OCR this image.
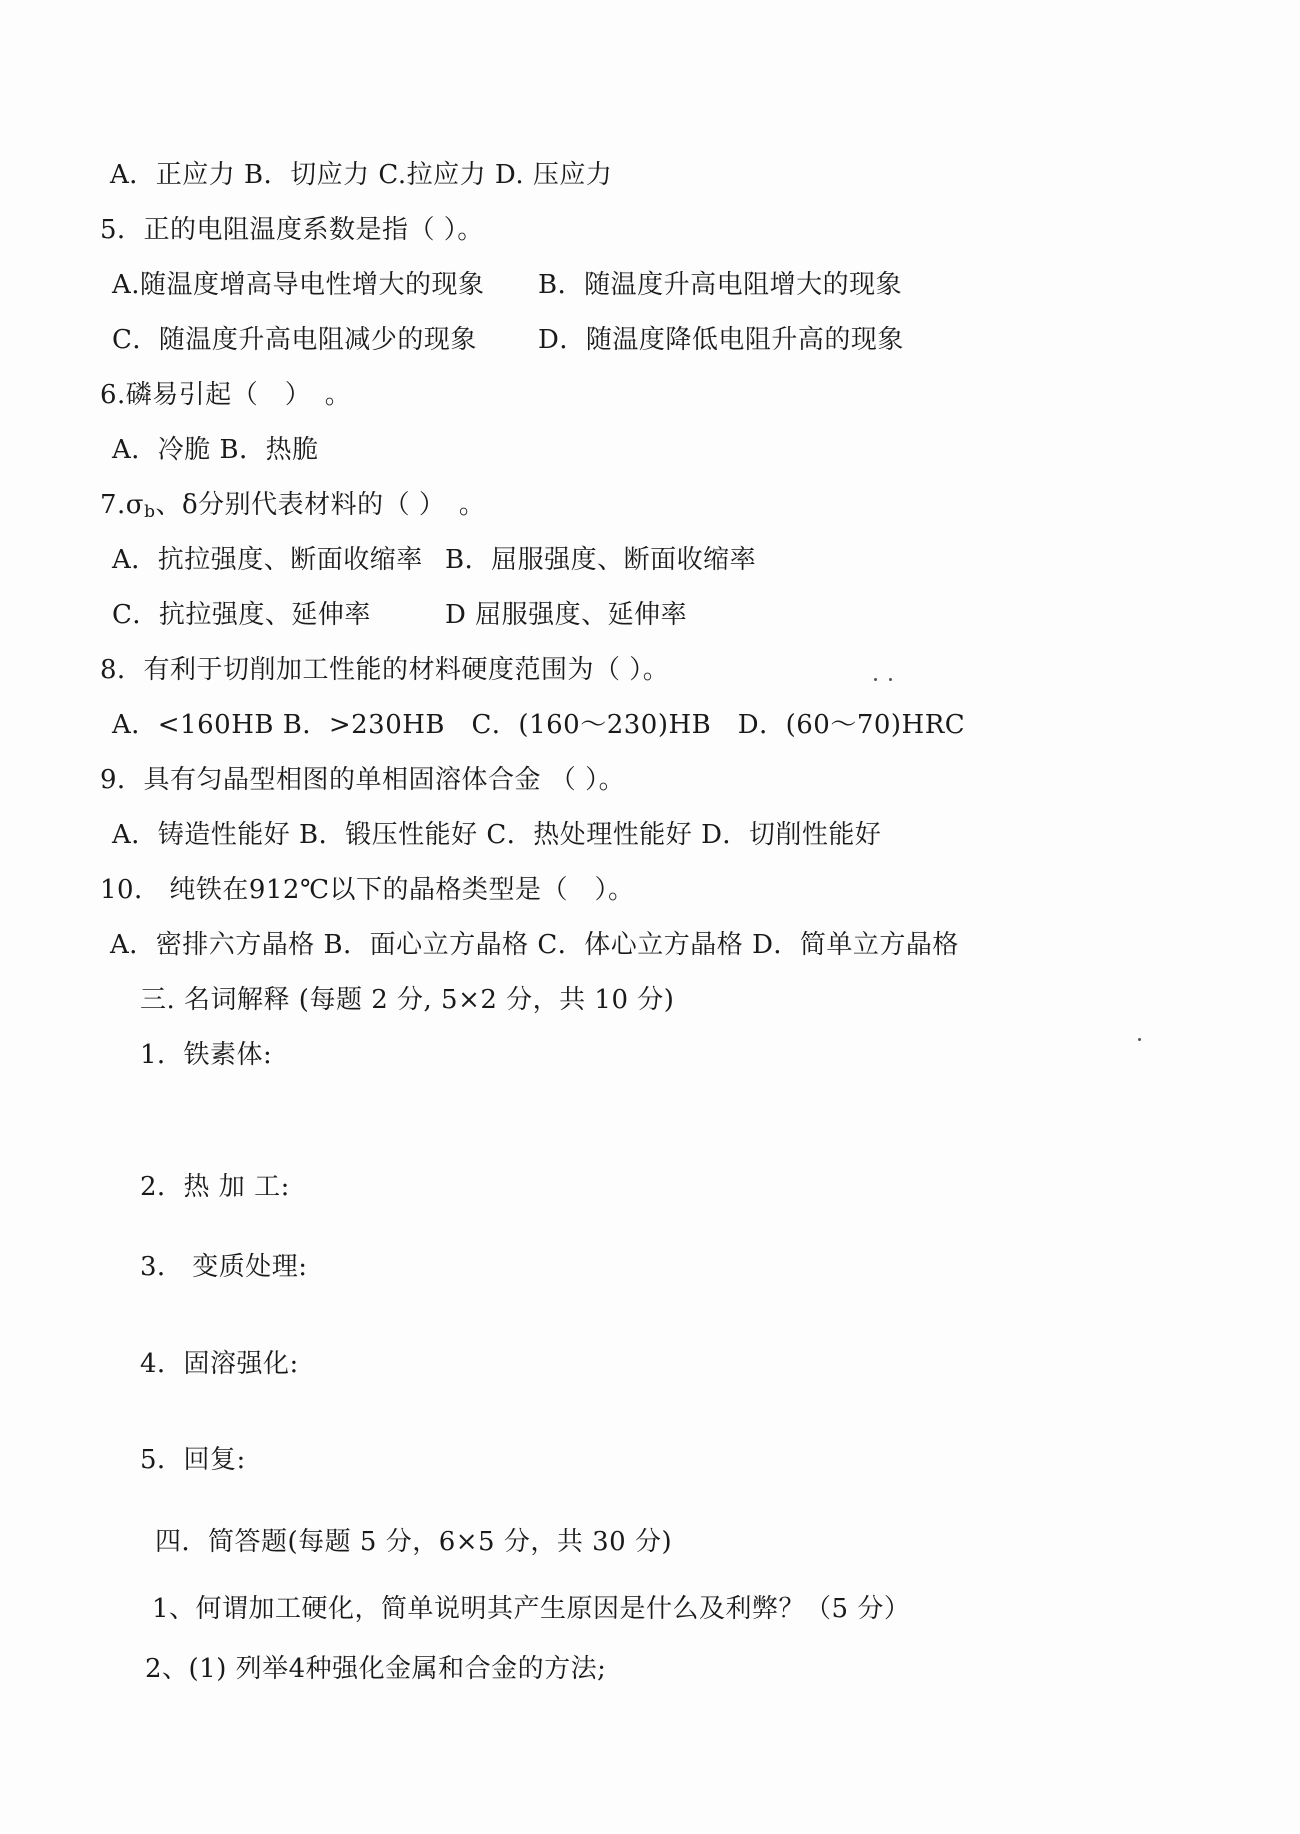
A．正应力 B．切应力 C.拉应力 D. 压应力
5．正的电阻温度系数是指（ ）。
A.随温度增高导电性增大的现象 B．随温度升高电阻增大的现象
C．随温度升高电阻减少的现象 D．随温度降低电阻升高的现象
6.磷易引起（　）　。
A．冷脆 B．热脆
$7.\sigma_b$、δ分别代表材料的（ ）　。
A．抗拉强度、断面收缩率 B．屈服强度、断面收缩率
C．抗拉强度、延伸率	D 屈服强度、延伸率
8．有利于切削加工性能的材料硬度范围为（ ）。
A．<160HB B．>230HB　C．(160～230)HB　D．(60～70)HRC
9．具有匀晶型相图的单相固溶体合金 （ ）。
A．铸造性能好 B．锻压性能好 C．热处理性能好 D．切削性能好
10． 纯铁在912℃以下的晶格类型是（　）。
A．密排六方晶格 B．面心立方晶格 C．体心立方晶格 D．简单立方晶格
三. 名词解释 (每题 2 分, 5×2 分，共 10 分)
1．铁素体:
2．热 加 工:
3． 变质处理:
4．固溶强化:
5．回复:
四．简答题(每题 5 分，6×5 分，共 30 分)
1、何谓加工硬化，简单说明其产生原因是什么及利弊？（5 分）
2、(1) 列举4种强化金属和合金的方法;
